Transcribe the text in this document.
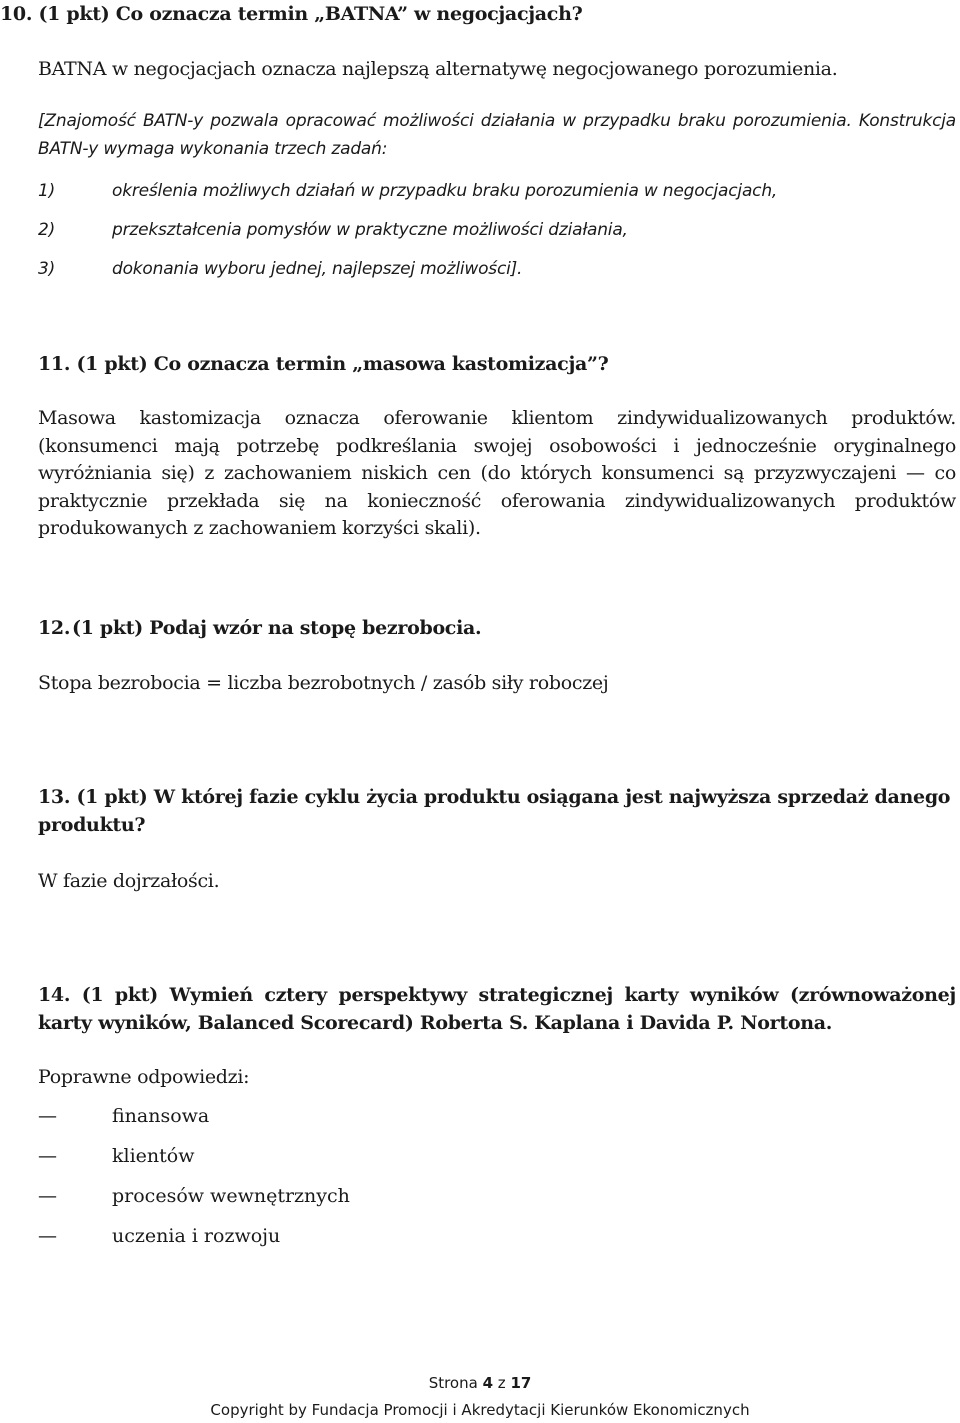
10. (1 pkt) Co oznacza termin „BATNA” w negocjacjach?
BATNA w negocjacjach oznacza najlepszą alternatywę negocjowanego porozumienia.
[Znajomość BATN-y pozwala opracować możliwości działania w przypadku braku porozumienia. Konstrukcja BATN-y wymaga wykonania trzech zadań:
1)	określenia możliwych działań w przypadku braku porozumienia w negocjacjach,
2)	przekształcenia pomysłów w praktyczne możliwości działania,
3)	dokonania wyboru jednej, najlepszej możliwości].
11. (1 pkt) Co oznacza termin „masowa kastomizacja”?
Masowa kastomizacja oznacza oferowanie klientom zindywidualizowanych produktów. (konsumenci mają potrzebę podkreślania swojej osobowości i jednocześnie oryginalnego wyróżniania się) z zachowaniem niskich cen (do których konsumenci są przyzwyczajeni — co praktycznie przekłada się na konieczność oferowania zindywidualizowanych produktów produkowanych z zachowaniem korzyści skali).
12.(1 pkt) Podaj wzór na stopę bezrobocia.
Stopa bezrobocia = liczba bezrobotnych / zasób siły roboczej
13. (1 pkt) W której fazie cyklu życia produktu osiągana jest najwyższa sprzedaż danego produktu?
W fazie dojrzałości.
14. (1 pkt) Wymień cztery perspektywy strategicznej karty wyników (zrównoważonej karty wyników, Balanced Scorecard) Roberta S. Kaplana i Davida P. Nortona.
Poprawne odpowiedzi:
—	finansowa
—	klientów
—	procesów wewnętrznych
—	uczenia i rozwoju
Strona 4 z 17
Copyright by Fundacja Promocji i Akredytacji Kierunków Ekonomicznych
